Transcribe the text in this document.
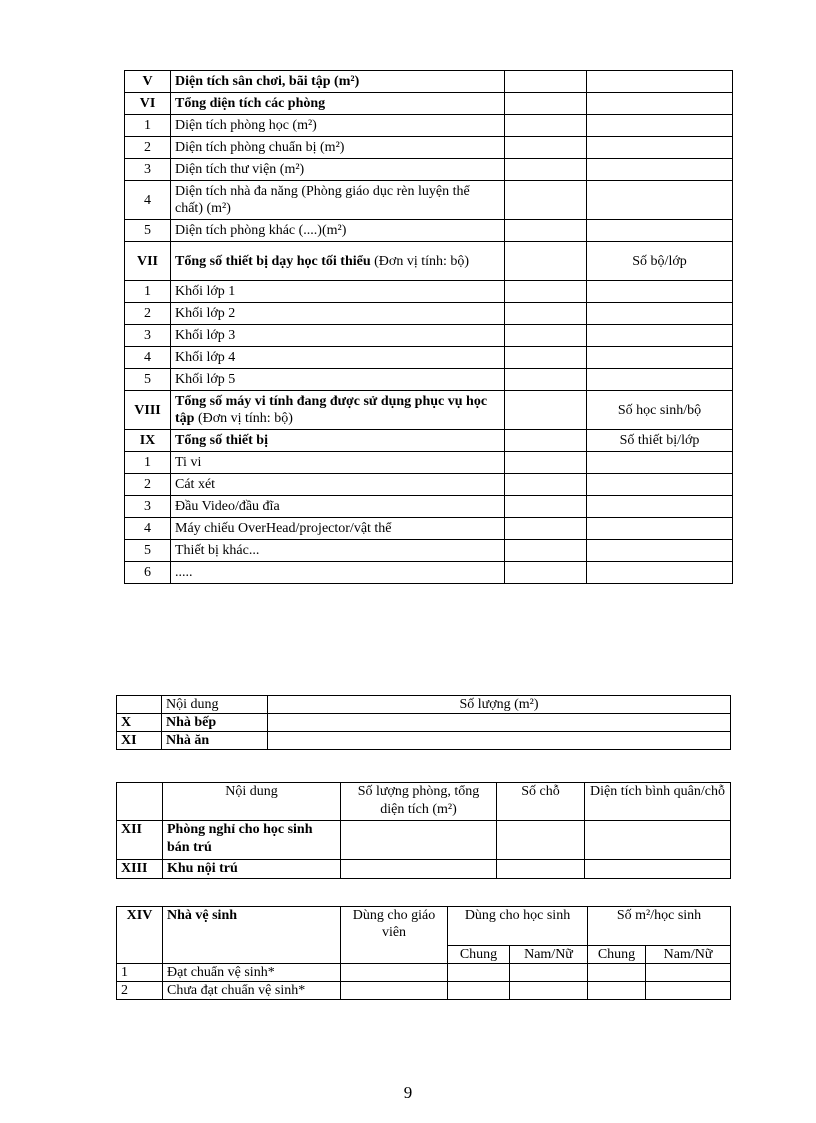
V	Diện tích sân chơi, bãi tập (m²)		
VI	Tổng diện tích các phòng		
1	Diện tích phòng học (m²)		
2	Diện tích phòng chuẩn bị (m²)		
3	Diện tích thư viện (m²)		
4	Diện tích nhà đa năng (Phòng giáo dục rèn luyện thể chất) (m²)		
5	Diện tích phòng khác (....)(m²)		
VII	Tổng số thiết bị dạy học tối thiểu (Đơn vị tính: bộ)		Số bộ/lớp
1	Khối lớp 1		
2	Khối lớp 2		
3	Khối lớp 3		
4	Khối lớp 4		
5	Khối lớp 5		
VIII	Tổng số máy vi tính đang được sử dụng phục vụ học tập (Đơn vị tính: bộ)		Số học sinh/bộ
IX	Tổng số thiết bị		Số thiết bị/lớp
1	Ti vi		
2	Cát xét		
3	Đầu Video/đầu đĩa		
4	Máy chiếu OverHead/projector/vật thể		
5	Thiết bị khác...		
6	.....		
	Nội dung	Số lượng (m²)
X	Nhà bếp	
XI	Nhà ăn	
	Nội dung	Số lượng phòng, tổng diện tích (m²)	Số chỗ	Diện tích bình quân/chỗ
XII	Phòng nghỉ cho học sinh bán trú			
XIII	Khu nội trú			
XIV	Nhà vệ sinh	Dùng cho giáo viên	Dùng cho học sinh		Số m²/học sinh	
			Chung	Nam/Nữ	Chung	Nam/Nữ
1	Đạt chuẩn vệ sinh*					
2	Chưa đạt chuẩn vệ sinh*					
9
